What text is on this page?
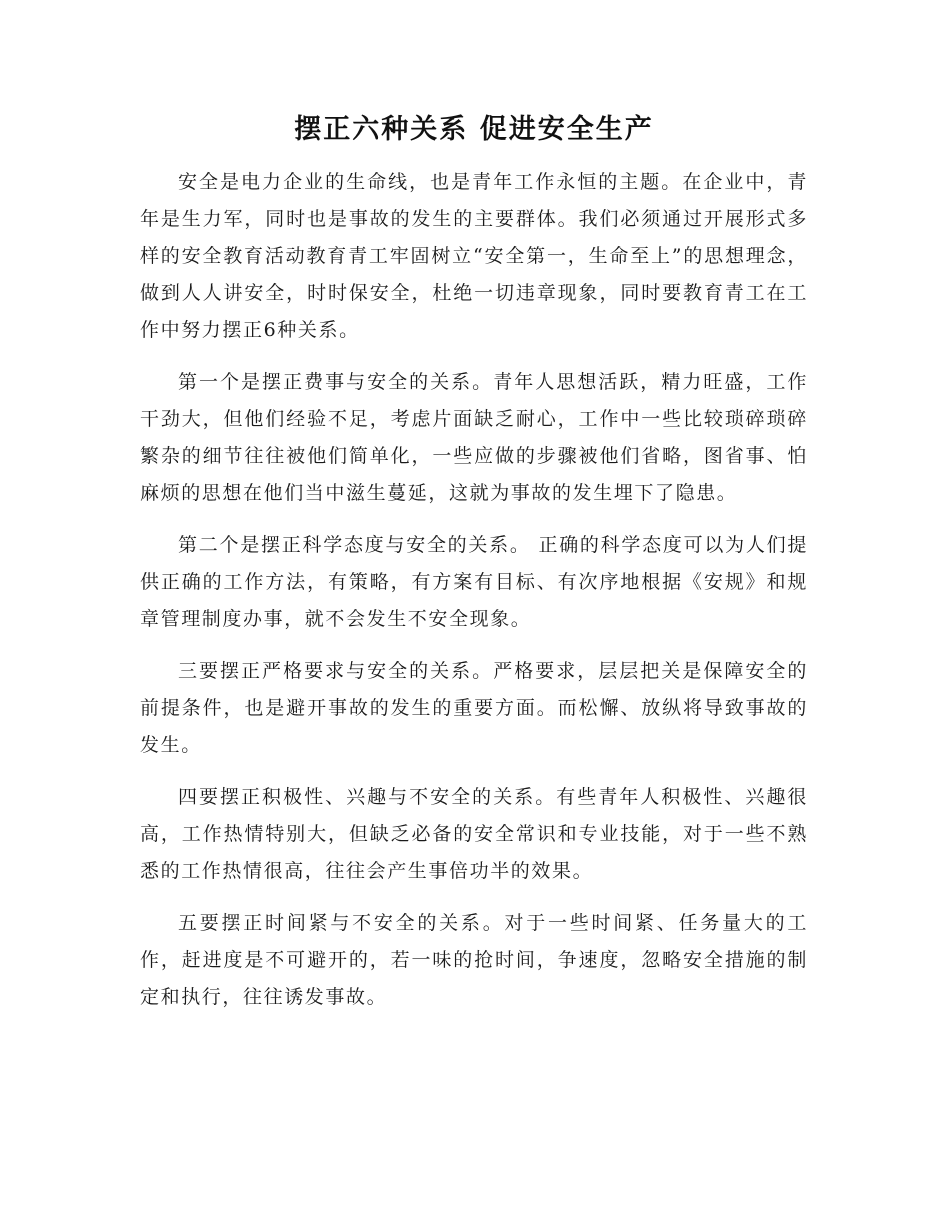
摆正六种关系 促进安全生产

安全是电力企业的生命线，也是青年工作永恒的主题。在企业中，青年是生力军，同时也是事故的发生的主要群体。我们必须通过开展形式多样的安全教育活动教育青工牢固树立“安全第一，生命至上”的思想理念，做到人人讲安全，时时保安全，杜绝一切违章现象，同时要教育青工在工作中努力摆正6种关系。

第一个是摆正费事与安全的关系。青年人思想活跃，精力旺盛，工作干劲大，但他们经验不足，考虑片面缺乏耐心，工作中一些比较琐碎琐碎繁杂的细节往往被他们简单化，一些应做的步骤被他们省略，图省事、怕麻烦的思想在他们当中滋生蔓延，这就为事故的发生埋下了隐患。

第二个是摆正科学态度与安全的关系。 正确的科学态度可以为人们提供正确的工作方法，有策略，有方案有目标、有次序地根据《安规》和规章管理制度办事，就不会发生不安全现象。

三要摆正严格要求与安全的关系。严格要求，层层把关是保障安全的前提条件，也是避开事故的发生的重要方面。而松懈、放纵将导致事故的发生。

四要摆正积极性、兴趣与不安全的关系。有些青年人积极性、兴趣很高，工作热情特别大，但缺乏必备的安全常识和专业技能，对于一些不熟悉的工作热情很高，往往会产生事倍功半的效果。

五要摆正时间紧与不安全的关系。对于一些时间紧、任务量大的工作，赶进度是不可避开的，若一味的抢时间，争速度，忽略安全措施的制定和执行，往往诱发事故。
